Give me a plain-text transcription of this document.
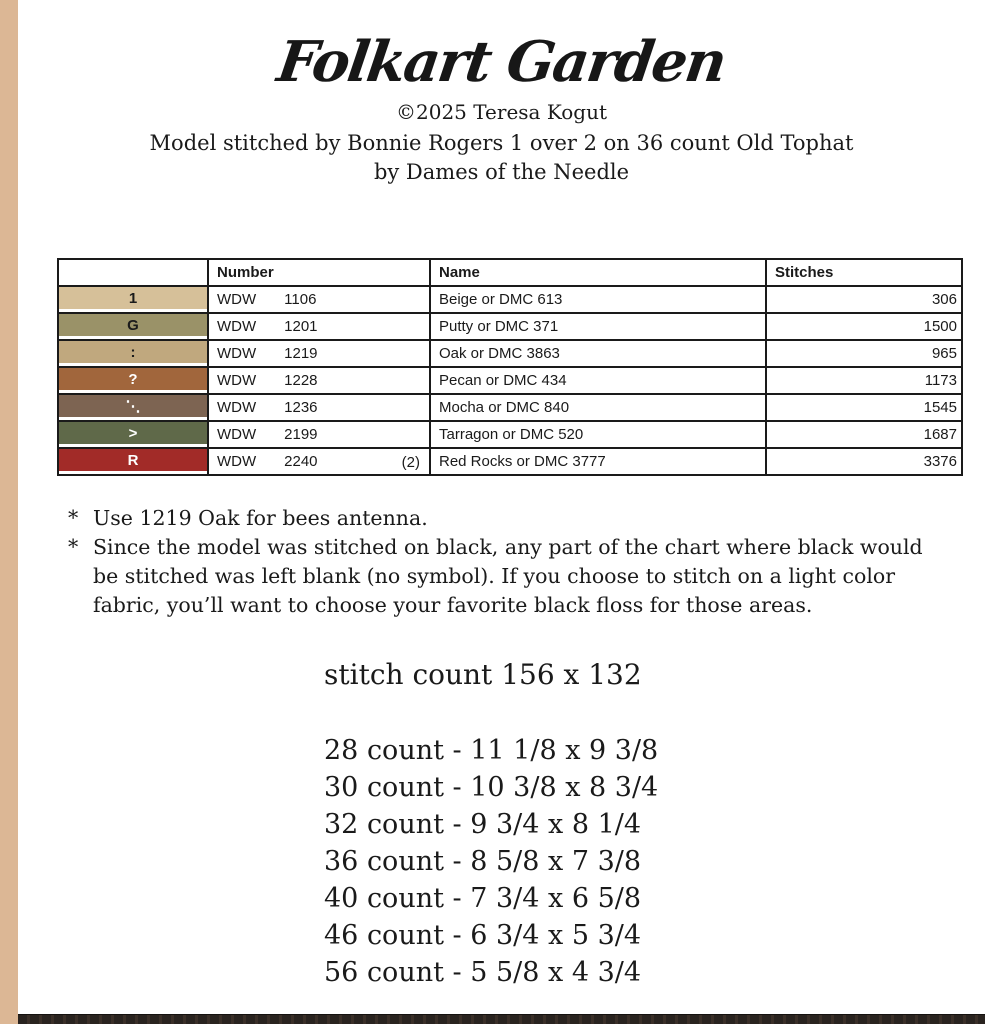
Folkart Garden
©2025 Teresa Kogut
Model stitched by Bonnie Rogers 1 over 2 on 36 count Old Tophat
by Dames of the Needle
	Number	Name	Stitches

1	WDW 1106	Beige or DMC 613	306

G	WDW 1201	Putty or DMC 371	1500

:	WDW 1219	Oak or DMC 3863	965

?	WDW 1228	Pecan or DMC 434	1173

⋱	WDW 1236	Mocha or DMC 840	1545

>	WDW 2199	Tarragon or DMC 520	1687

R	WDW 2240 (2)	Red Rocks or DMC 3777	3376
* Use 1219 Oak for bees antenna.
* Since the model was stitched on black, any part of the chart where black would be stitched was left blank (no symbol). If you choose to stitch on a light color fabric, you’ll want to choose your favorite black floss for those areas.
stitch count 156 x 132
28 count - 11 1/8 x 9 3/8
30 count - 10 3/8 x 8 3/4
32 count - 9 3/4 x 8 1/4
36 count - 8 5/8 x 7 3/8
40 count - 7 3/4 x 6 5/8
46 count - 6 3/4 x 5 3/4
56 count - 5 5/8 x 4 3/4
